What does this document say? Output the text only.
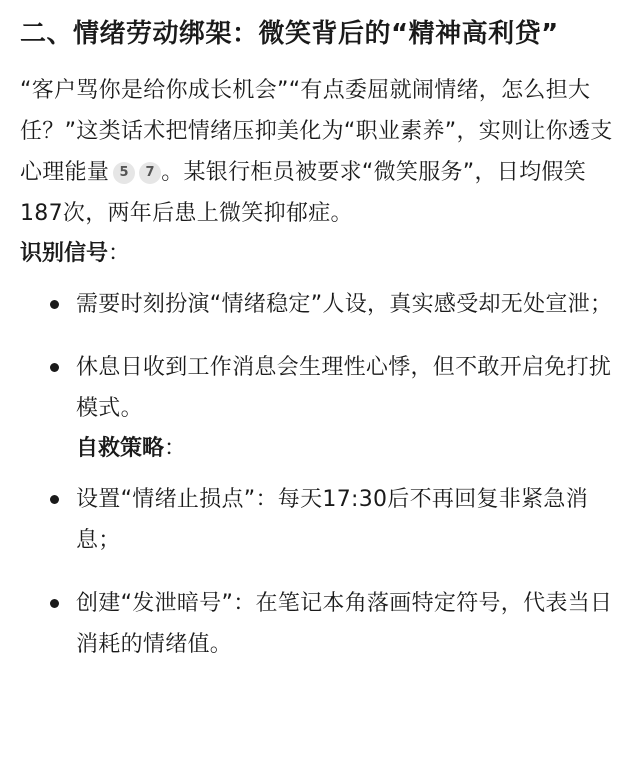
二、情绪劳动绑架：微笑背后的“精神高利贷”

“客户骂你是给你成长机会”“有点委屈就闹情绪，怎么担大任？”这类话术把情绪压抑美化为“职业素养”，实则让你透支心理能量 5 7 。某银行柜员被要求“微笑服务”，日均假笑187次，两年后患上微笑抑郁症。

识别信号：
需要时刻扮演“情绪稳定”人设，真实感受却无处宣泄；
休息日收到工作消息会生理性心悸，但不敢开启免打扰模式。
自救策略：
设置“情绪止损点”：每天17:30后不再回复非紧急消息；
创建“发泄暗号”：在笔记本角落画特定符号，代表当日消耗的情绪值。
